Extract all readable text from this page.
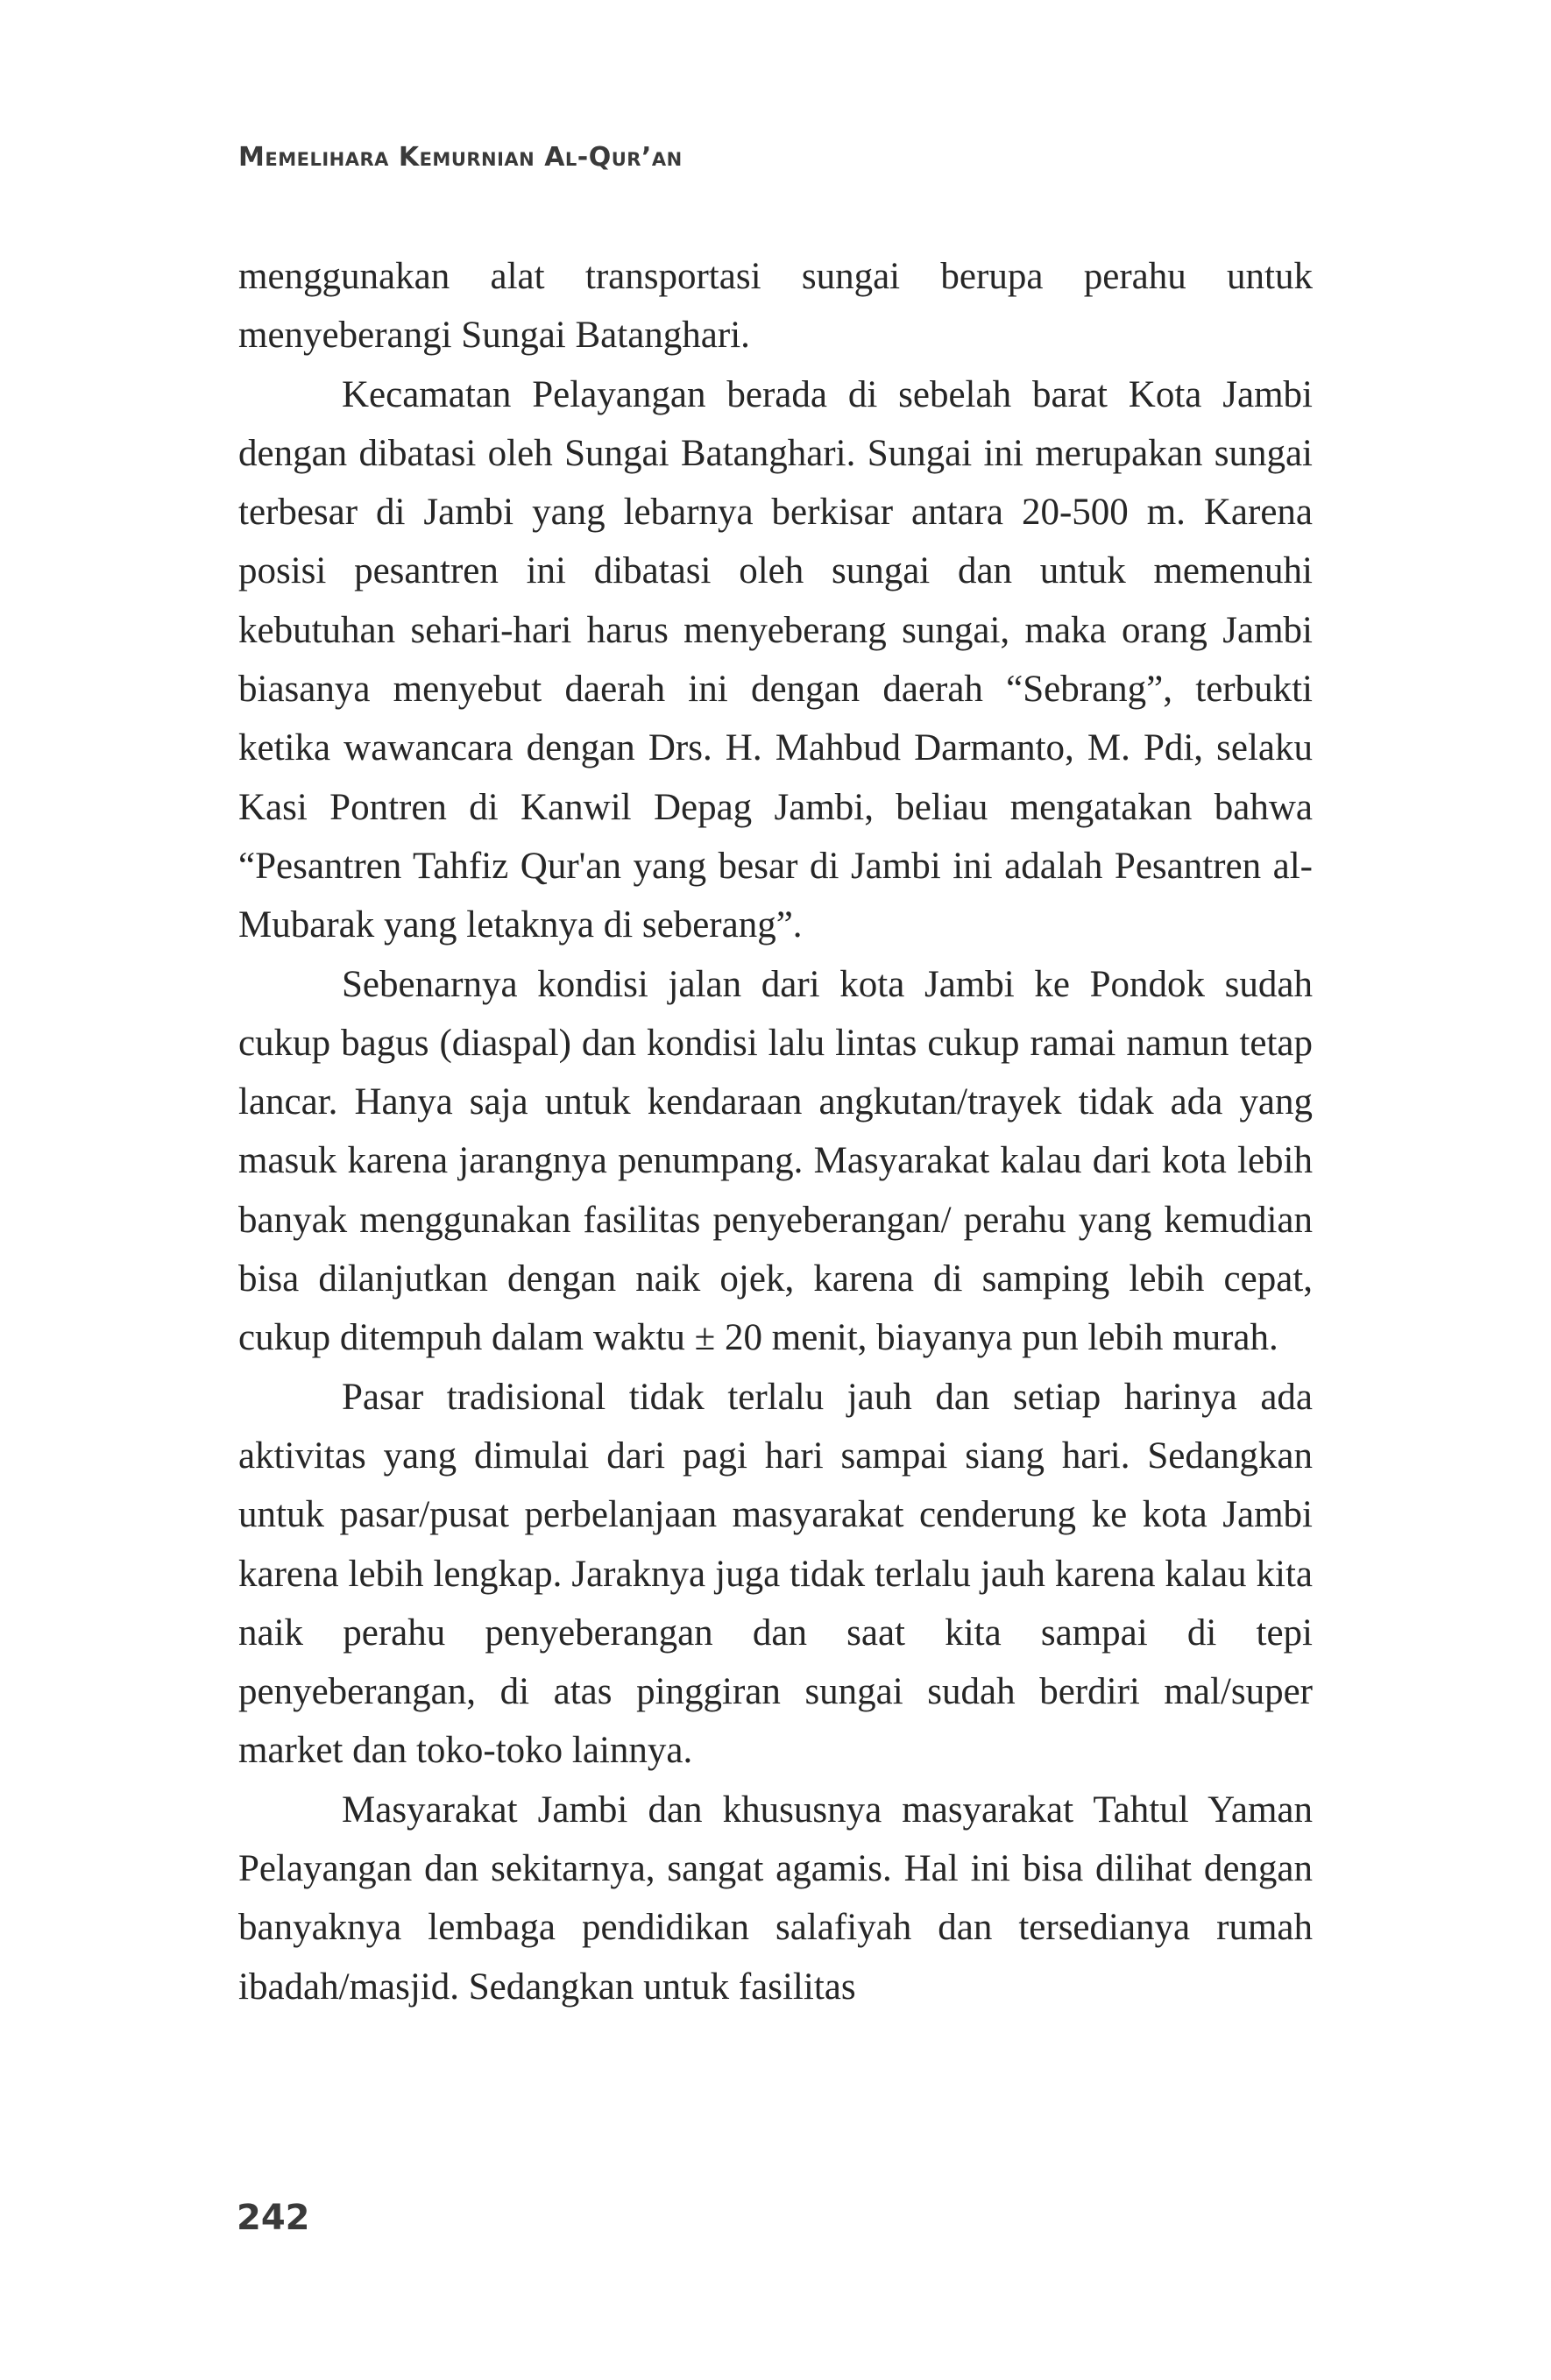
Memelihara Kemurnian Al-Qur’an

menggunakan alat transportasi sungai berupa perahu untuk menyeberangi Sungai Batanghari.

Kecamatan Pelayangan berada di sebelah barat Kota Jambi dengan dibatasi oleh Sungai Batanghari. Sungai ini merupakan sungai terbesar di Jambi yang lebarnya berkisar antara 20-500 m. Karena posisi pesantren ini dibatasi oleh sungai dan untuk memenuhi kebutuhan sehari-hari harus menyeberang sungai, maka orang Jambi biasanya menyebut daerah ini dengan daerah “Sebrang”, terbukti ketika wawancara dengan Drs. H. Mahbud Darmanto, M. Pdi, selaku Kasi Pontren di Kanwil Depag Jambi, beliau mengatakan bahwa “Pesantren Tahfiz Qur'an yang besar di Jambi ini adalah Pesantren al-Mubarak yang letaknya di seberang”.

Sebenarnya kondisi jalan dari kota Jambi ke Pondok sudah cukup bagus (diaspal) dan kondisi lalu lintas cukup ramai namun tetap lancar. Hanya saja untuk kendaraan angkutan/trayek tidak ada yang masuk karena jarangnya penumpang. Masyarakat kalau dari kota lebih banyak menggunakan fasilitas penyeberangan/ perahu yang kemudian bisa dilanjutkan dengan naik ojek, karena di samping lebih cepat, cukup ditempuh dalam waktu ± 20 menit, biayanya pun lebih murah.

Pasar tradisional tidak terlalu jauh dan setiap harinya ada aktivitas yang dimulai dari pagi hari sampai siang hari. Sedangkan untuk pasar/pusat perbelanjaan masyarakat cenderung ke kota Jambi karena lebih lengkap. Jaraknya juga tidak terlalu jauh karena kalau kita naik perahu penyeberangan dan saat kita sampai di tepi penyeberangan, di atas pinggiran sungai sudah berdiri mal/super market dan toko-toko lainnya.

Masyarakat Jambi dan khususnya masyarakat Tahtul Yaman Pelayangan dan sekitarnya, sangat agamis. Hal ini bisa dilihat dengan banyaknya lembaga pendidikan salafiyah dan tersedianya rumah ibadah/masjid. Sedangkan untuk fasilitas

242
